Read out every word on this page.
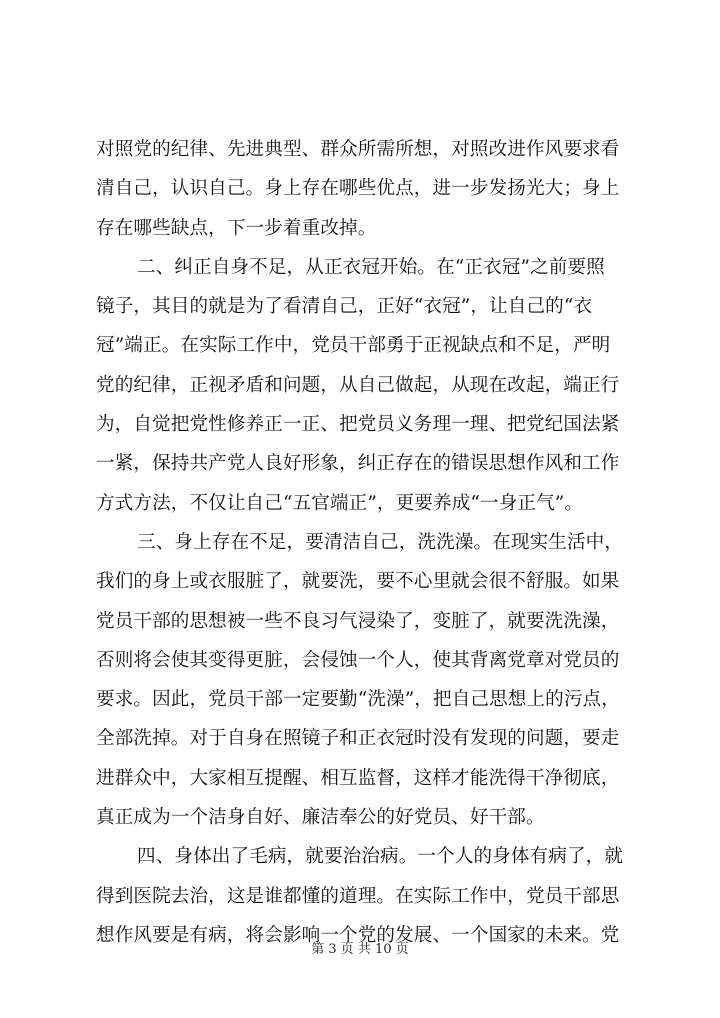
对照党的纪律、先进典型、群众所需所想，对照改进作风要求看
清自己，认识自己。身上存在哪些优点，进一步发扬光大；身上
存在哪些缺点，下一步着重改掉。
二、纠正自身不足，从正衣冠开始。在“正衣冠”之前要照
镜子，其目的就是为了看清自己，正好“衣冠”，让自己的“衣
冠”端正。在实际工作中，党员干部勇于正视缺点和不足，严明
党的纪律，正视矛盾和问题，从自己做起，从现在改起，端正行
为，自觉把党性修养正一正、把党员义务理一理、把党纪国法紧
一紧，保持共产党人良好形象，纠正存在的错误思想作风和工作
方式方法，不仅让自己“五官端正”，更要养成“一身正气”。
三、身上存在不足，要清洁自己，洗洗澡。在现实生活中，
我们的身上或衣服脏了，就要洗，要不心里就会很不舒服。如果
党员干部的思想被一些不良习气浸染了，变脏了，就要洗洗澡，
否则将会使其变得更脏，会侵蚀一个人，使其背离党章对党员的
要求。因此，党员干部一定要勤“洗澡”，把自己思想上的污点，
全部洗掉。对于自身在照镜子和正衣冠时没有发现的问题，要走
进群众中，大家相互提醒、相互监督，这样才能洗得干净彻底，
真正成为一个洁身自好、廉洁奉公的好党员、好干部。
四、身体出了毛病，就要治治病。一个人的身体有病了，就
得到医院去治，这是谁都懂的道理。在实际工作中，党员干部思
想作风要是有病，将会影响一个党的发展、一个国家的未来。党
第 3 页 共 10 页
